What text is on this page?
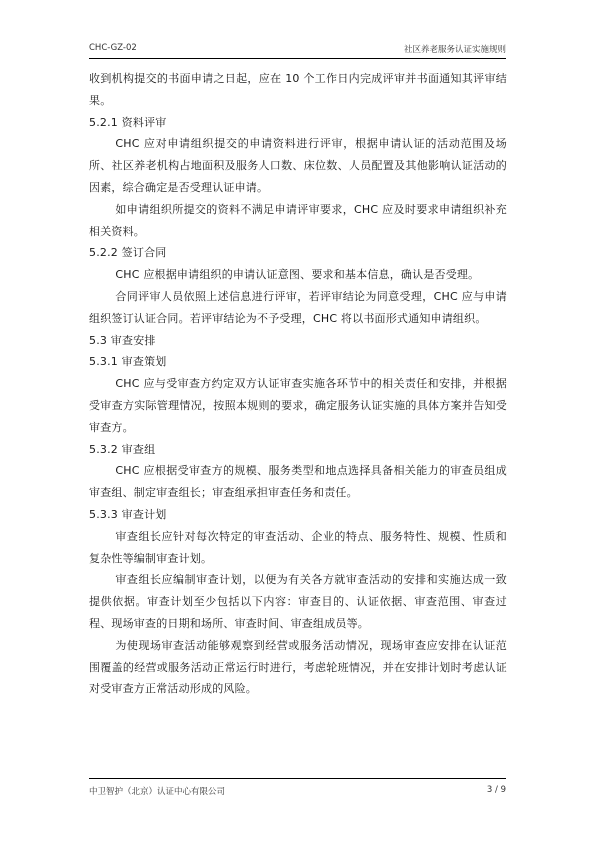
CHC-GZ-02	社区养老服务认证实施规则

收到机构提交的书面申请之日起，应在 10 个工作日内完成评审并书面通知其评审结果。

5.2.1 资料评审

CHC 应对申请组织提交的申请资料进行评审，根据申请认证的活动范围及场所、社区养老机构占地面积及服务人口数、床位数、人员配置及其他影响认证活动的因素，综合确定是否受理认证申请。

如申请组织所提交的资料不满足申请评审要求，CHC 应及时要求申请组织补充相关资料。

5.2.2 签订合同

CHC 应根据申请组织的申请认证意图、要求和基本信息，确认是否受理。

合同评审人员依照上述信息进行评审，若评审结论为同意受理，CHC 应与申请组织签订认证合同。若评审结论为不予受理，CHC 将以书面形式通知申请组织。

5.3 审查安排

5.3.1 审查策划

CHC 应与受审查方约定双方认证审查实施各环节中的相关责任和安排，并根据受审查方实际管理情况，按照本规则的要求，确定服务认证实施的具体方案并告知受审查方。

5.3.2 审查组

CHC 应根据受审查方的规模、服务类型和地点选择具备相关能力的审查员组成审查组、制定审查组长；审查组承担审查任务和责任。

5.3.3 审查计划

审查组长应针对每次特定的审查活动、企业的特点、服务特性、规模、性质和复杂性等编制审查计划。

审查组长应编制审查计划，以便为有关各方就审查活动的安排和实施达成一致提供依据。审查计划至少包括以下内容：审查目的、认证依据、审查范围、审查过程、现场审查的日期和场所、审查时间、审查组成员等。

为使现场审查活动能够观察到经营或服务活动情况，现场审查应安排在认证范围覆盖的经营或服务活动正常运行时进行，考虑轮班情况，并在安排计划时考虑认证对受审查方正常活动形成的风险。

中卫智护（北京）认证中心有限公司	3 / 9
